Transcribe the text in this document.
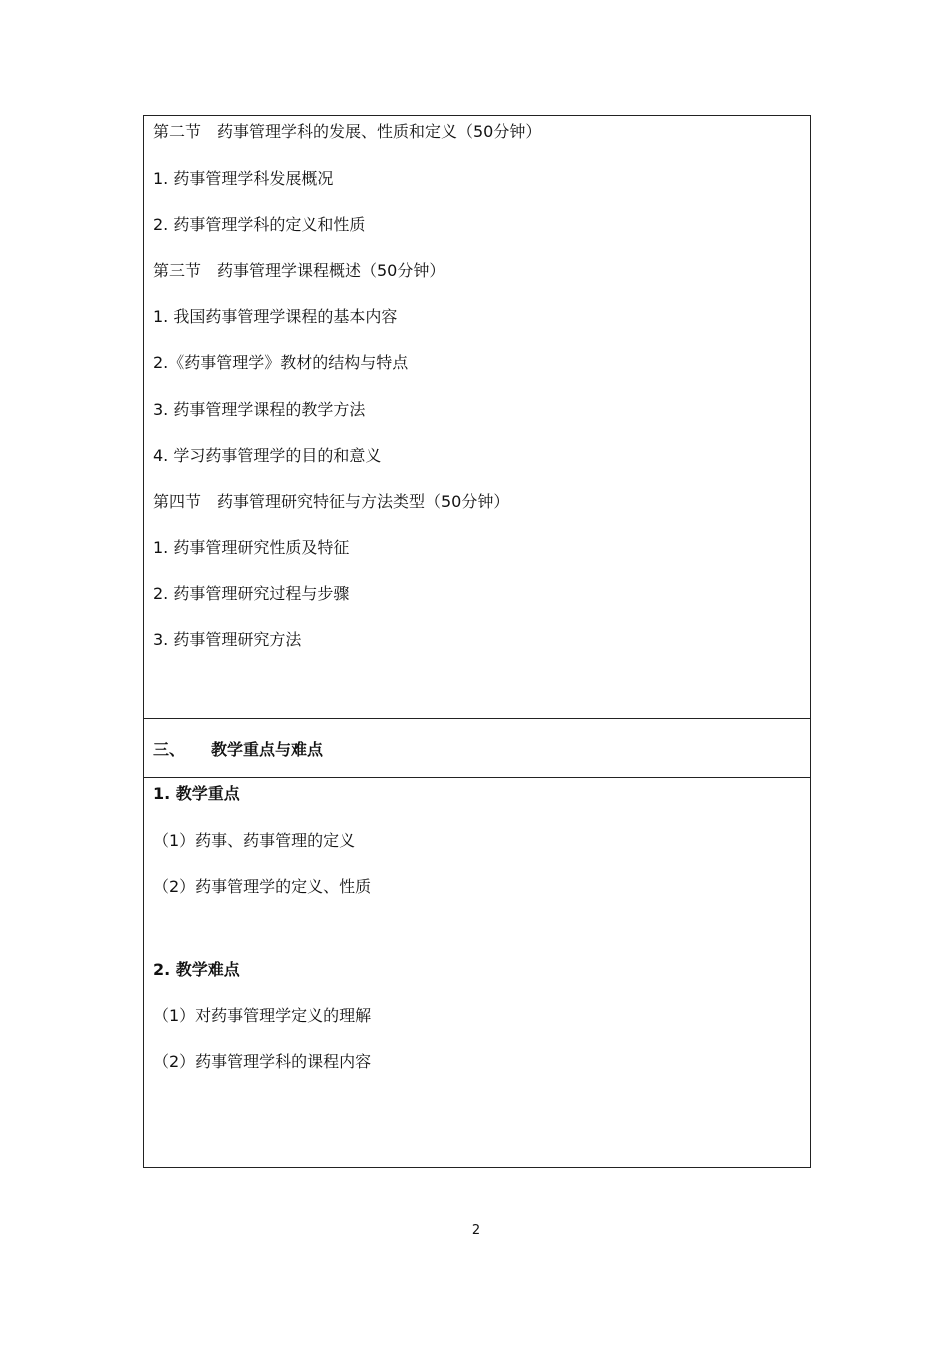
第二节　药事管理学科的发展、性质和定义（50分钟）
1. 药事管理学科发展概况
2. 药事管理学科的定义和性质
第三节　药事管理学课程概述（50分钟）
1. 我国药事管理学课程的基本内容
2.《药事管理学》教材的结构与特点
3. 药事管理学课程的教学方法
4. 学习药事管理学的目的和意义
第四节　药事管理研究特征与方法类型（50分钟）
1. 药事管理研究性质及特征
2. 药事管理研究过程与步骤
3. 药事管理研究方法
三、 教学重点与难点
1. 教学重点
（1）药事、药事管理的定义
（2）药事管理学的定义、性质
2. 教学难点
（1）对药事管理学定义的理解
（2）药事管理学科的课程内容
2
